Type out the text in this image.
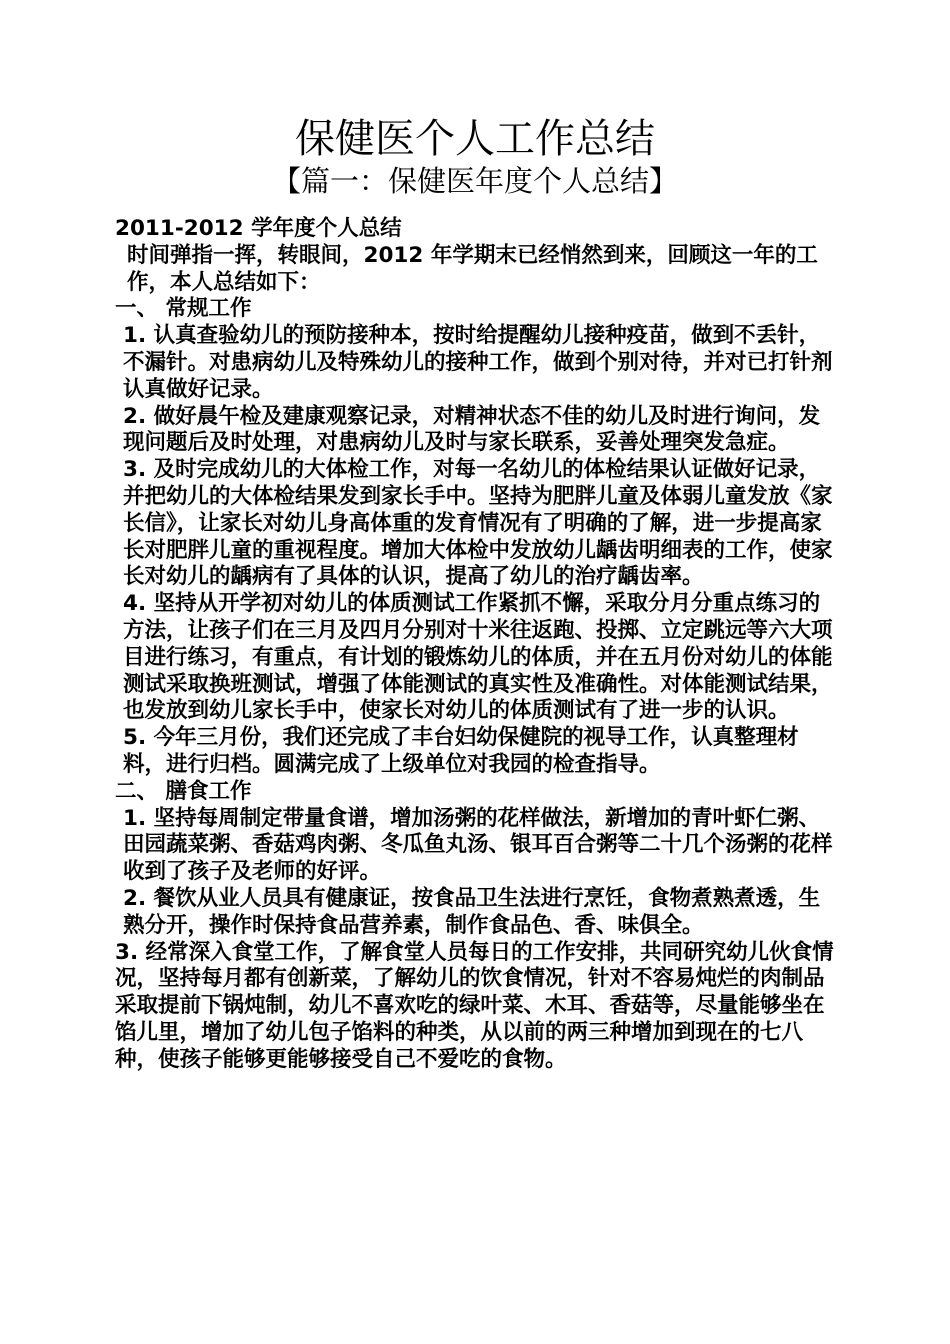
保健医个人工作总结
【篇一：保健医年度个人总结】

2011-2012 学年度个人总结

时间弹指一挥，转眼间，2012 年学期末已经悄然到来，回顾这一年的工作，本人总结如下：

一、 常规工作

1. 认真查验幼儿的预防接种本，按时给提醒幼儿接种疫苗，做到不丢针，不漏针。对患病幼儿及特殊幼儿的接种工作，做到个别对待，并对已打针剂认真做好记录。

2. 做好晨午检及建康观察记录，对精神状态不佳的幼儿及时进行询问，发现问题后及时处理，对患病幼儿及时与家长联系，妥善处理突发急症。

3. 及时完成幼儿的大体检工作，对每一名幼儿的体检结果认证做好记录，并把幼儿的大体检结果发到家长手中。坚持为肥胖儿童及体弱儿童发放《家长信》，让家长对幼儿身高体重的发育情况有了明确的了解，进一步提高家长对肥胖儿童的重视程度。增加大体检中发放幼儿龋齿明细表的工作，使家长对幼儿的龋病有了具体的认识，提高了幼儿的治疗龋齿率。

4. 坚持从开学初对幼儿的体质测试工作紧抓不懈，采取分月分重点练习的方法，让孩子们在三月及四月分别对十米往返跑、投掷、立定跳远等六大项目进行练习，有重点，有计划的锻炼幼儿的体质，并在五月份对幼儿的体能测试采取换班测试，增强了体能测试的真实性及准确性。对体能测试结果，也发放到幼儿家长手中，使家长对幼儿的体质测试有了进一步的认识。

5. 今年三月份，我们还完成了丰台妇幼保健院的视导工作，认真整理材料，进行归档。圆满完成了上级单位对我园的检查指导。

二、 膳食工作

1. 坚持每周制定带量食谱，增加汤粥的花样做法，新增加的青叶虾仁粥、田园蔬菜粥、香菇鸡肉粥、冬瓜鱼丸汤、银耳百合粥等二十几个汤粥的花样收到了孩子及老师的好评。

2. 餐饮从业人员具有健康证，按食品卫生法进行烹饪，食物煮熟煮透，生熟分开，操作时保持食品营养素，制作食品色、香、味俱全。

3. 经常深入食堂工作，了解食堂人员每日的工作安排，共同研究幼儿伙食情况，坚持每月都有创新菜，了解幼儿的饮食情况，针对不容易炖烂的肉制品采取提前下锅炖制，幼儿不喜欢吃的绿叶菜、木耳、香菇等，尽量能够坐在馅儿里，增加了幼儿包子馅料的种类，从以前的两三种增加到现在的七八种，使孩子能够更能够接受自己不爱吃的食物。
